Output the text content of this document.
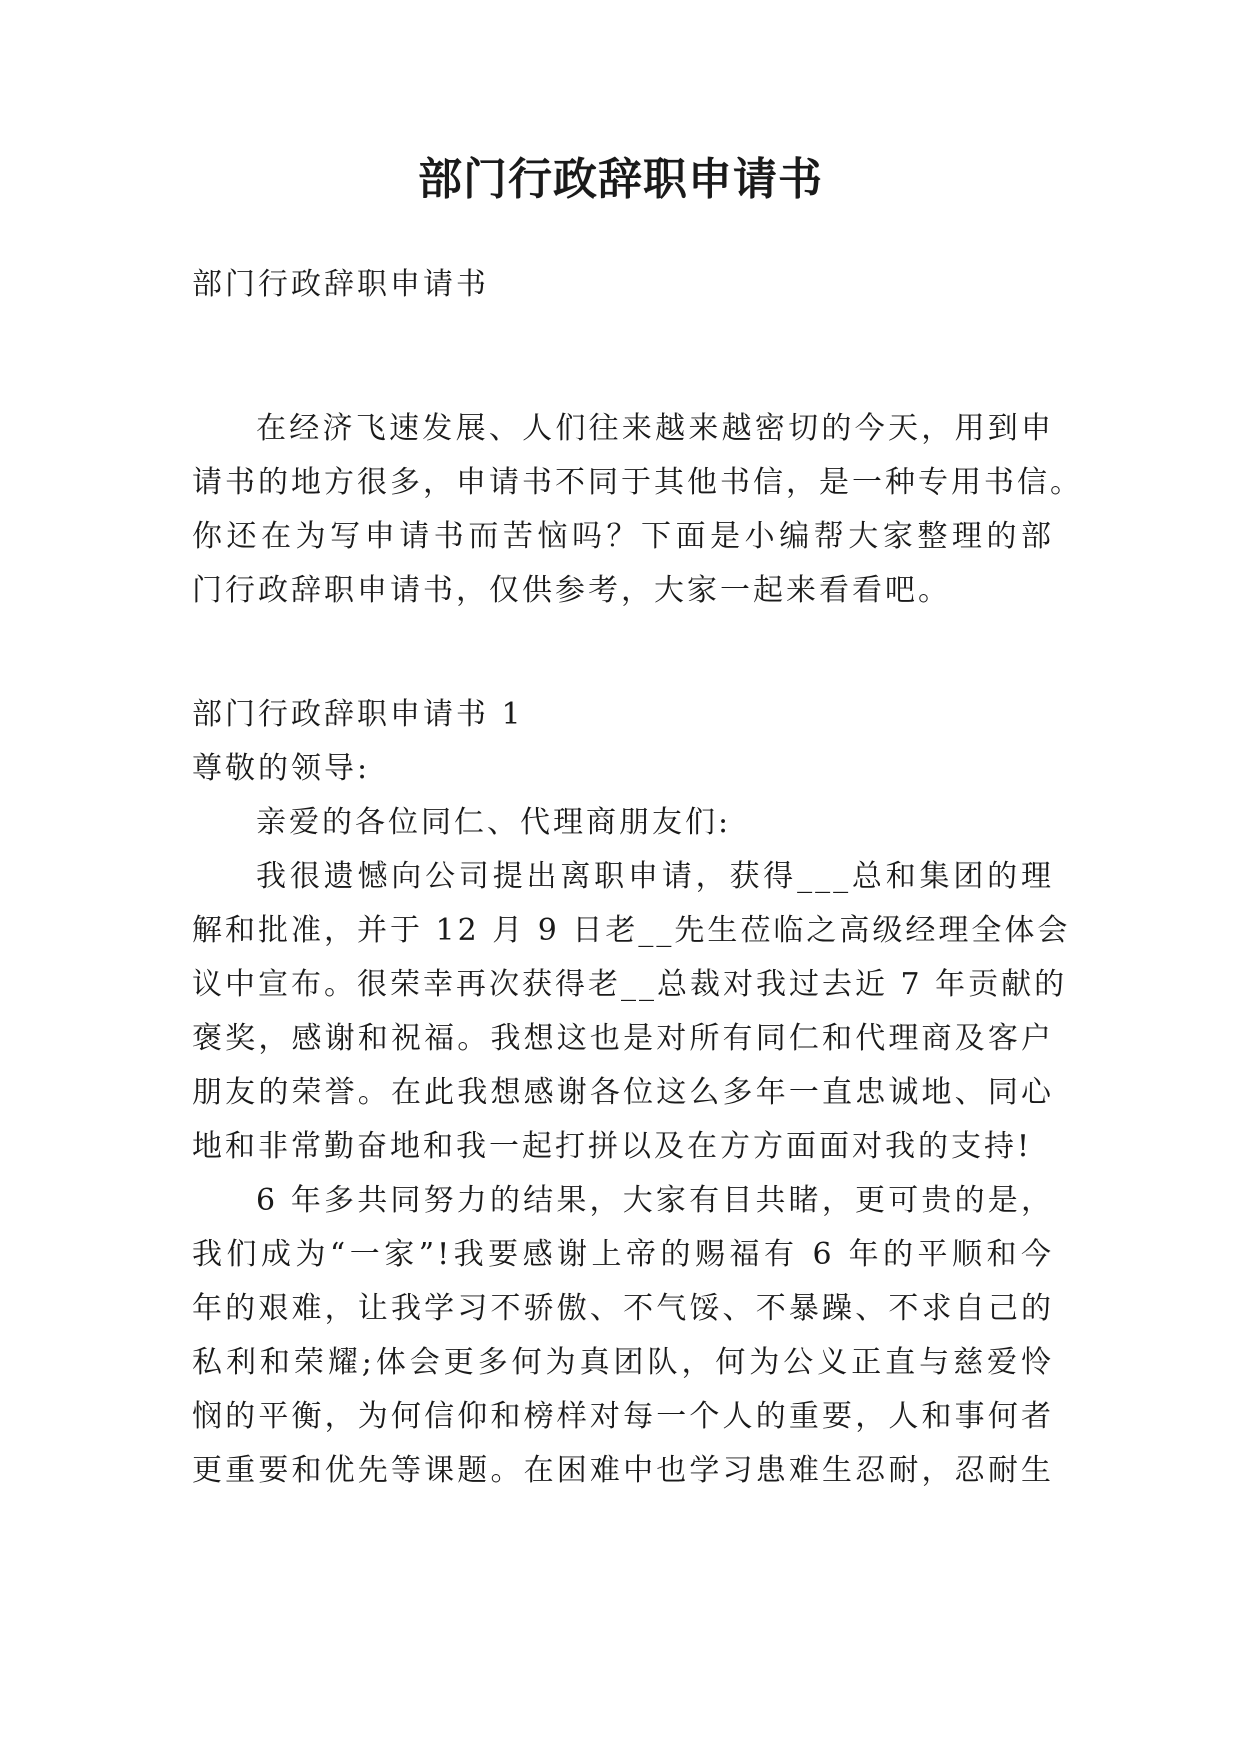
部门行政辞职申请书
部门行政辞职申请书
在经济飞速发展、人们往来越来越密切的今天，用到申
请书的地方很多，申请书不同于其他书信，是一种专用书信。
你还在为写申请书而苦恼吗？下面是小编帮大家整理的部
门行政辞职申请书，仅供参考，大家一起来看看吧。
部门行政辞职申请书 1
尊敬的领导:
亲爱的各位同仁、代理商朋友们:
我很遗憾向公司提出离职申请，获得___总和集团的理
解和批准，并于 12 月 9 日老__先生莅临之高级经理全体会
议中宣布。很荣幸再次获得老__总裁对我过去近 7 年贡献的
褒奖，感谢和祝福。我想这也是对所有同仁和代理商及客户
朋友的荣誉。在此我想感谢各位这么多年一直忠诚地、同心
地和非常勤奋地和我一起打拼以及在方方面面对我的支持!
6 年多共同努力的结果，大家有目共睹，更可贵的是，
我们成为“一家”!我要感谢上帝的赐福有 6 年的平顺和今
年的艰难，让我学习不骄傲、不气馁、不暴躁、不求自己的
私利和荣耀;体会更多何为真团队，何为公义正直与慈爱怜
悯的平衡，为何信仰和榜样对每一个人的重要，人和事何者
更重要和优先等课题。在困难中也学习患难生忍耐，忍耐生
